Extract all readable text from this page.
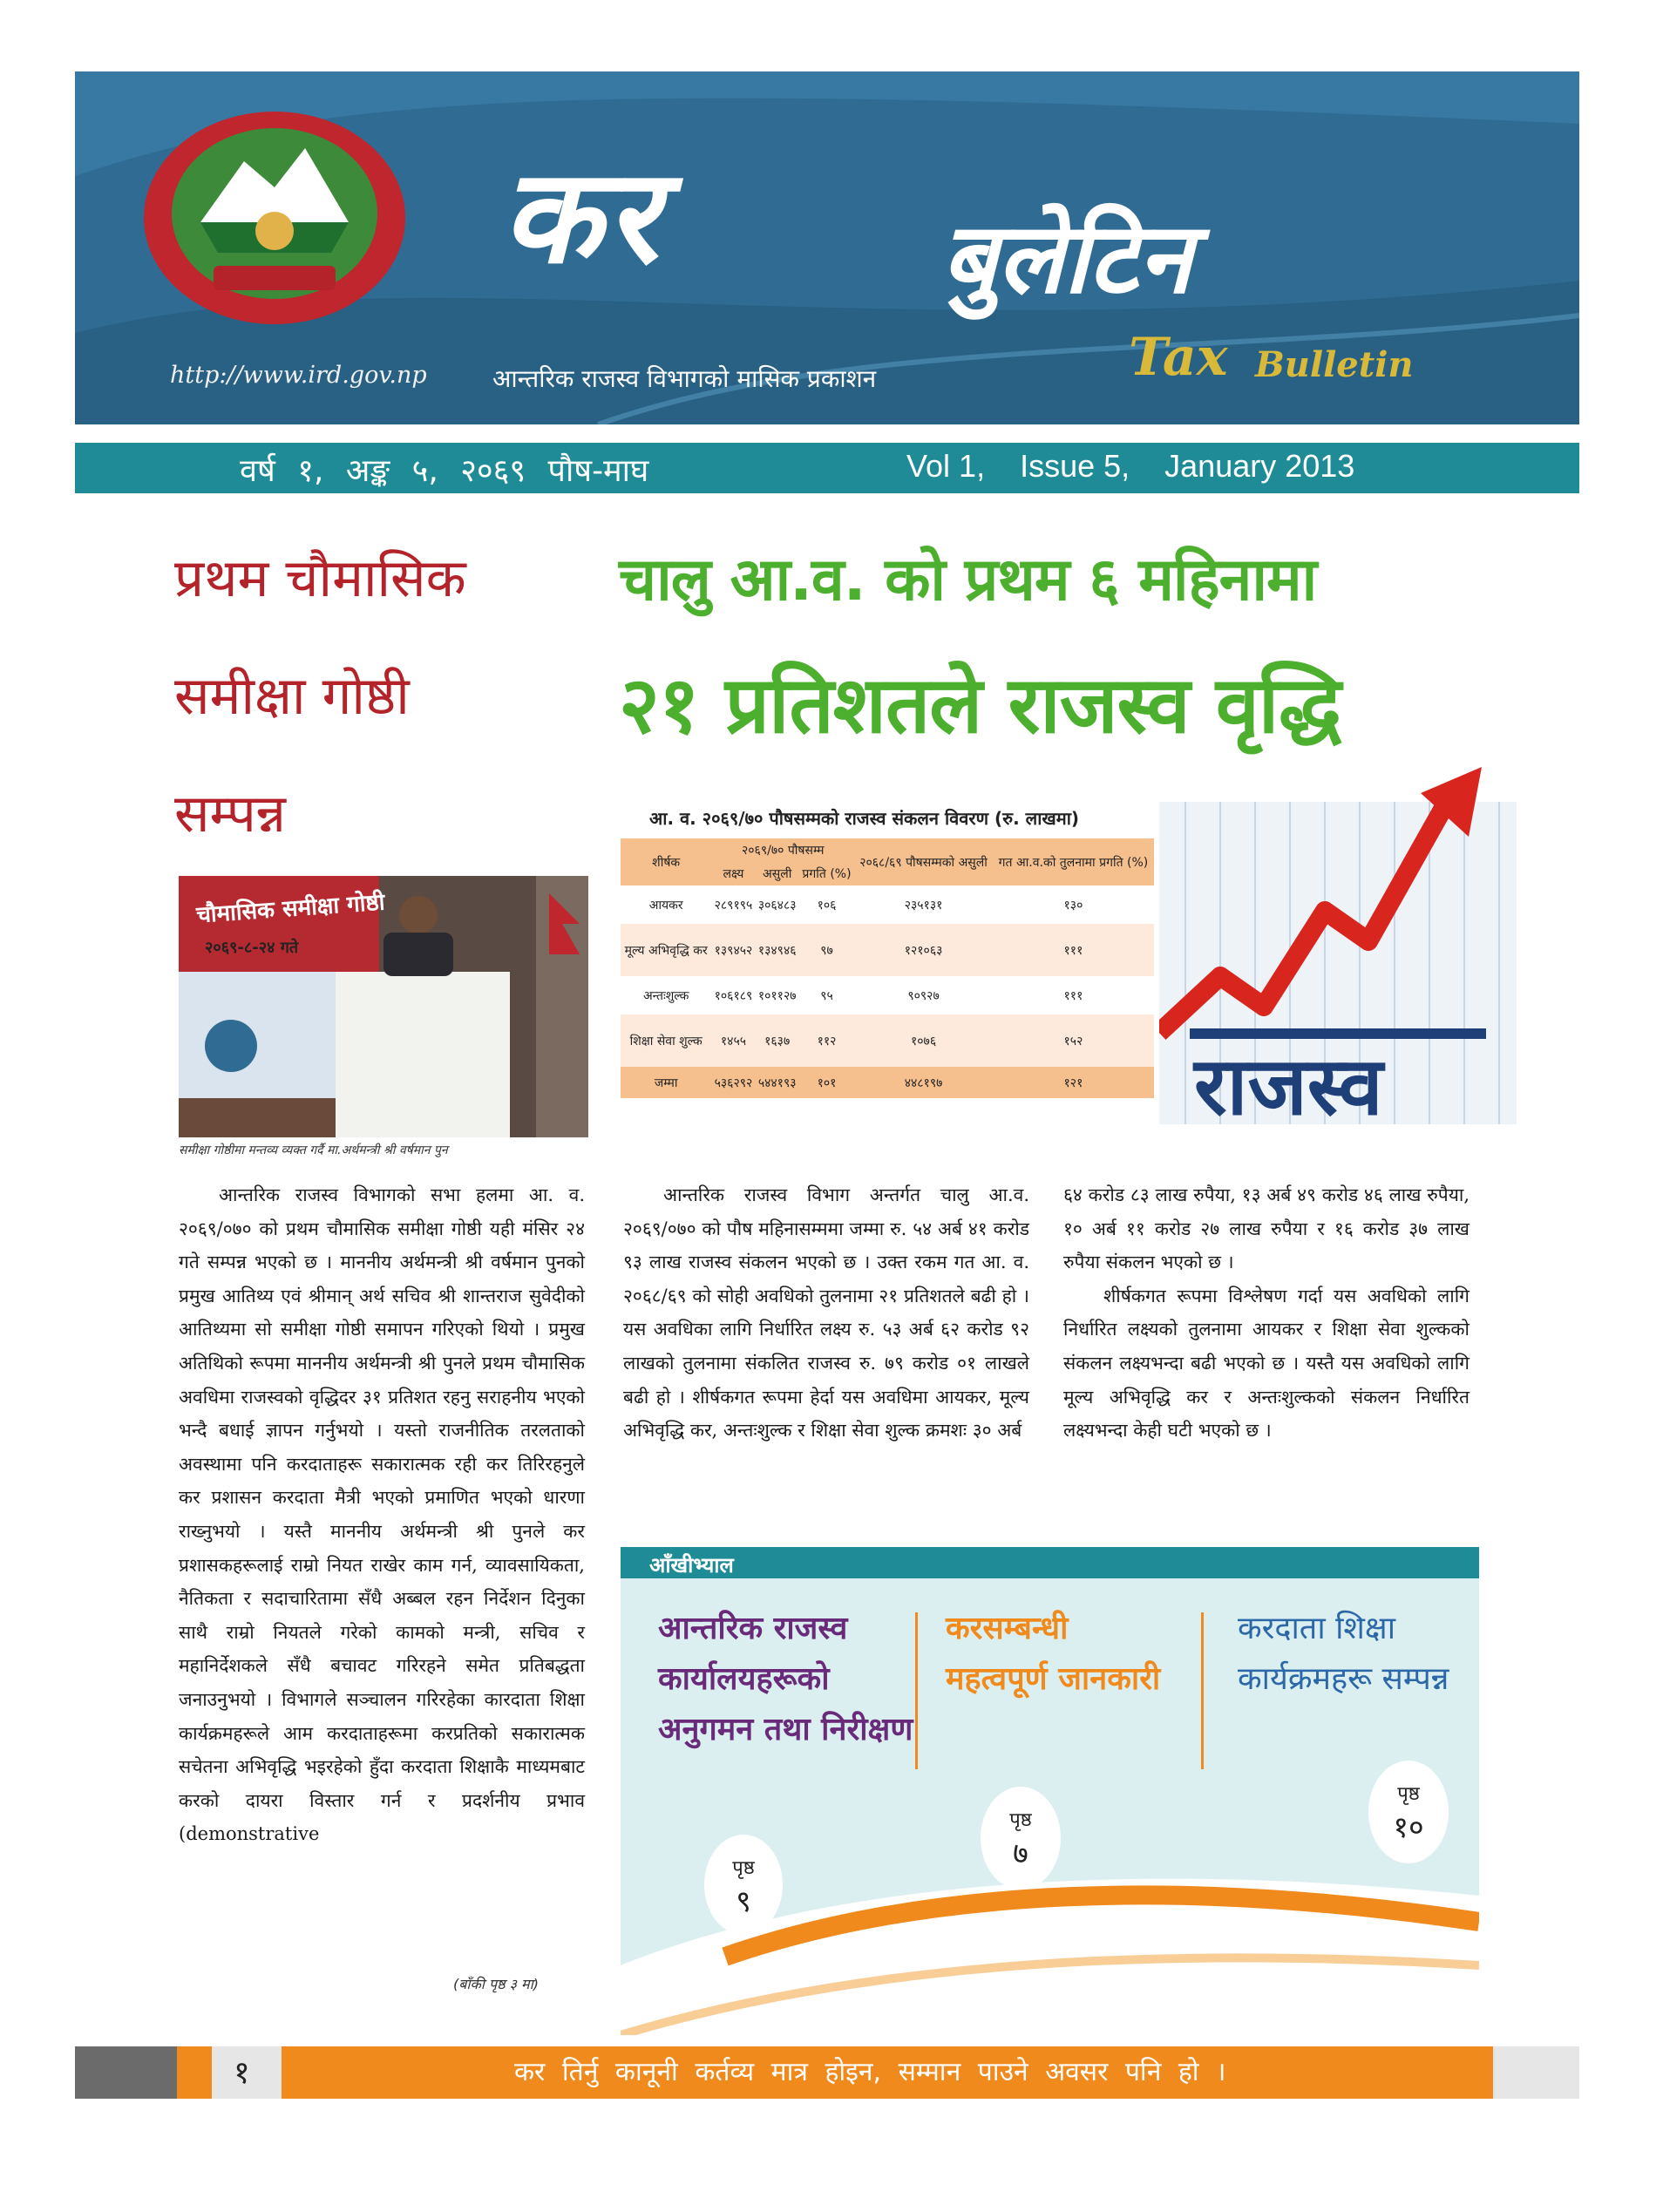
कर	बुलेटिन
Tax Bulletin
http://www.ird.gov.np	आन्तरिक राजस्व विभागको मासिक प्रकाशन
वर्ष १, अङ्क ५, २०६९ पौष-माघ	Vol 1,    Issue 5,    January 2013
प्रथम चौमासिक
समीक्षा गोष्ठी
सम्पन्न
चालु आ.व. को प्रथम ६ महिनामा
२१ प्रतिशतले राजस्व वृद्धि
चौमासिक समीक्षा गोष्ठी
२०६९-८-२४ गते
समीक्षा गोष्ठीमा मन्तव्य व्यक्त गर्दै मा.अर्थमन्त्री श्री वर्षमान पुन
आ. व. २०६९/७० पौषसम्मको राजस्व संकलन विवरण (रु. लाखमा)
शीर्षक	२०६९/७० पौषसम्म			२०६८/६९ पौषसम्मको असुली	गत आ.व.को तुलनामा प्रगति (%)
	लक्ष्य	असुली	प्रगति (%)		
आयकर	२८९१९५	३०६४८३	१०६	२३५१३१	१३०
मूल्य अभिवृद्धि कर	१३९४५२	१३४९४६	९७	१२१०६३	१११
अन्तःशुल्क	१०६१८९	१०११२७	९५	९०९२७	१११
शिक्षा सेवा शुल्क	१४५५	१६३७	११२	१०७६	१५२
जम्मा	५३६२९२	५४४१९३	१०१	४४८१९७	१२१ राजस्व
आन्तरिक राजस्व विभागको सभा हलमा आ. व. २०६९/०७० को प्रथम चौमासिक समीक्षा गोष्ठी यही मंसिर २४ गते सम्पन्न भएको छ । माननीय अर्थमन्त्री श्री वर्षमान पुनको प्रमुख आतिथ्य एवं श्रीमान् अर्थ सचिव श्री शान्तराज सुवेदीको आतिथ्यमा सो समीक्षा गोष्ठी समापन गरिएको थियो । प्रमुख अतिथिको रूपमा माननीय अर्थमन्त्री श्री पुनले प्रथम चौमासिक अवधिमा राजस्वको वृद्धिदर ३१ प्रतिशत रहनु सराहनीय भएको भन्दै बधाई ज्ञापन गर्नुभयो । यस्तो राजनीतिक तरलताको अवस्थामा पनि करदाताहरू सकारात्मक रही कर तिरिरहनुले कर प्रशासन करदाता मैत्री भएको प्रमाणित भएको धारणा राख्नुभयो । यस्तै माननीय अर्थमन्त्री श्री पुनले कर प्रशासकहरूलाई राम्रो नियत राखेर काम गर्न, व्यावसायिकता, नैतिकता र सदाचारितामा सँधै अब्बल रहन निर्देशन दिनुका साथै राम्रो नियतले गरेको कामको मन्त्री, सचिव र महानिर्देशकले सँधै बचावट गरिरहने समेत प्रतिबद्धता जनाउनुभयो । विभागले सञ्चालन गरिरहेका कारदाता शिक्षा कार्यक्रमहरूले आम करदाताहरूमा करप्रतिको सकारात्मक सचेतना अभिवृद्धि भइरहेको हुँदा करदाता शिक्षाकै माध्यमबाट करको दायरा विस्तार गर्न र प्रदर्शनीय प्रभाव (demonstrative
(बाँकी पृष्ठ ३ मा)
आन्तरिक राजस्व विभाग अन्तर्गत चालु आ.व. २०६९/०७० को पौष महिनासम्ममा जम्मा रु. ५४ अर्ब ४१ करोड ९३ लाख राजस्व संकलन भएको छ । उक्त रकम गत आ. व. २०६८/६९ को सोही अवधिको तुलनामा २१ प्रतिशतले बढी हो । यस अवधिका लागि निर्धारित लक्ष्य रु. ५३ अर्ब ६२ करोड ९२ लाखको तुलनामा संकलित राजस्व रु. ७९ करोड ०१ लाखले बढी हो । शीर्षकगत रूपमा हेर्दा यस अवधिमा आयकर, मूल्य अभिवृद्धि कर, अन्तःशुल्क र शिक्षा सेवा शुल्क क्रमशः ३० अर्ब

६४ करोड ८३ लाख रुपैया, १३ अर्ब ४९ करोड ४६ लाख रुपैया, १० अर्ब ११ करोड २७ लाख रुपैया र १६ करोड ३७ लाख रुपैया संकलन भएको छ ।

शीर्षकगत रूपमा विश्लेषण गर्दा यस अवधिको लागि निर्धारित लक्ष्यको तुलनामा आयकर र शिक्षा सेवा शुल्कको संकलन लक्ष्यभन्दा बढी भएको छ । यस्तै यस अवधिको लागि मूल्य अभिवृद्धि कर र अन्तःशुल्कको संकलन निर्धारित लक्ष्यभन्दा केही घटी भएको छ ।

आँखीभ्याल
आन्तरिक राजस्व कार्यालयहरूको अनुगमन तथा निरीक्षण
करसम्बन्धी महत्वपूर्ण जानकारी
करदाता शिक्षा कार्यक्रमहरू सम्पन्न
पृष्ठ
९
पृष्ठ
७
पृष्ठ
१०
१	कर तिर्नु कानूनी कर्तव्य मात्र होइन, सम्मान पाउने अवसर पनि हो ।
